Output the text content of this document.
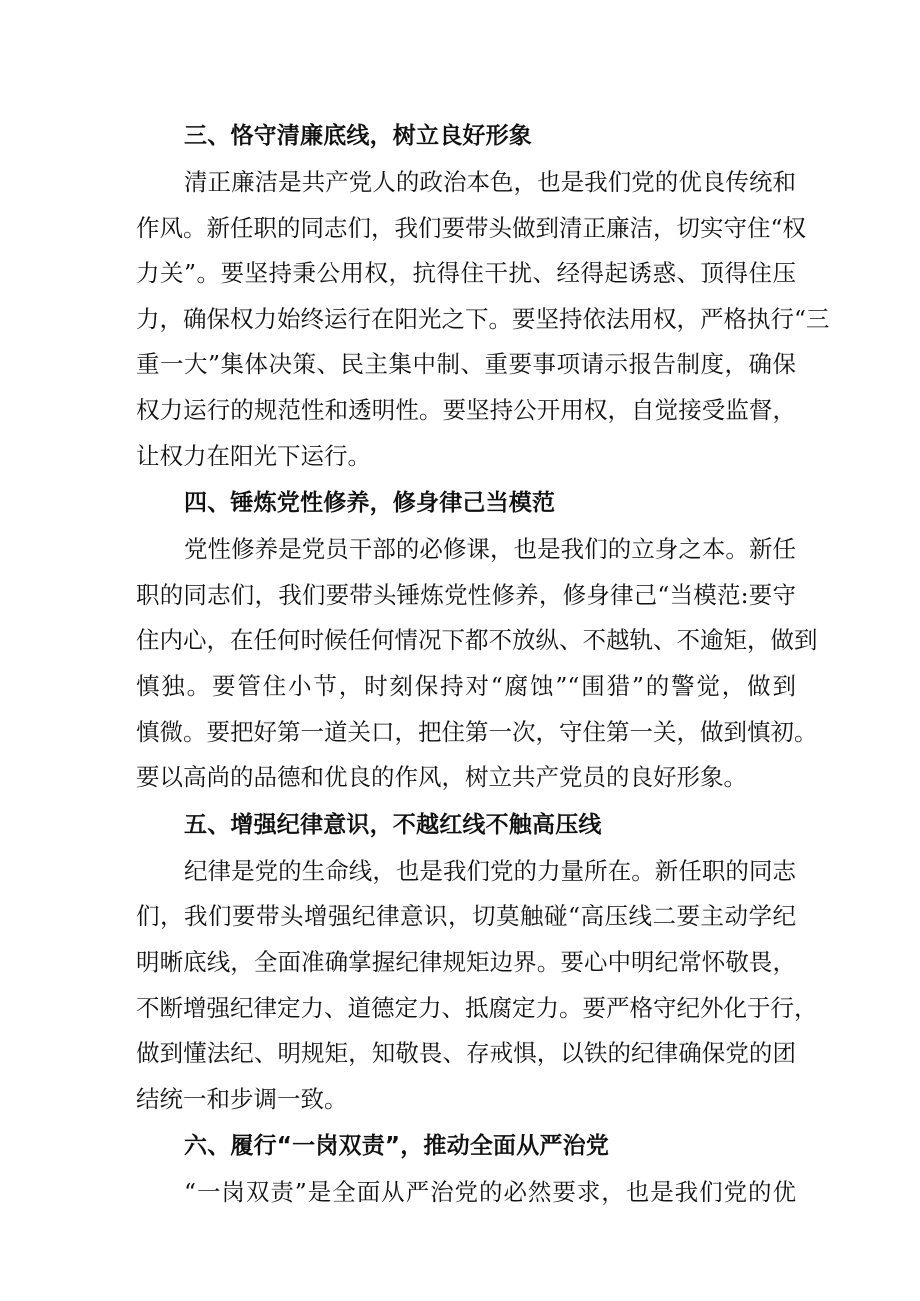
三、恪守清廉底线，树立良好形象
清正廉洁是共产党人的政治本色，也是我们党的优良传统和
作风。新任职的同志们，我们要带头做到清正廉洁，切实守住“权
力关”。要坚持秉公用权，抗得住干扰、经得起诱惑、顶得住压
力，确保权力始终运行在阳光之下。要坚持依法用权，严格执行“三
重一大”集体决策、民主集中制、重要事项请示报告制度，确保
权力运行的规范性和透明性。要坚持公开用权，自觉接受监督，
让权力在阳光下运行。
四、锤炼党性修养，修身律己当模范
党性修养是党员干部的必修课，也是我们的立身之本。新任
职的同志们，我们要带头锤炼党性修养，修身律己“当模范:要守
住内心，在任何时候任何情况下都不放纵、不越轨、不逾矩，做到
慎独。要管住小节，时刻保持对“腐蚀”“围猎”的警觉，做到
慎微。要把好第一道关口，把住第一次，守住第一关，做到慎初。
要以高尚的品德和优良的作风，树立共产党员的良好形象。
五、增强纪律意识，不越红线不触高压线
纪律是党的生命线，也是我们党的力量所在。新任职的同志
们，我们要带头增强纪律意识，切莫触碰“高压线二要主动学纪
明晰底线，全面准确掌握纪律规矩边界。要心中明纪常怀敬畏，
不断增强纪律定力、道德定力、抵腐定力。要严格守纪外化于行，
做到懂法纪、明规矩，知敬畏、存戒惧，以铁的纪律确保党的团
结统一和步调一致。
六、履行“一岗双责”，推动全面从严治党
“一岗双责”是全面从严治党的必然要求，也是我们党的优
